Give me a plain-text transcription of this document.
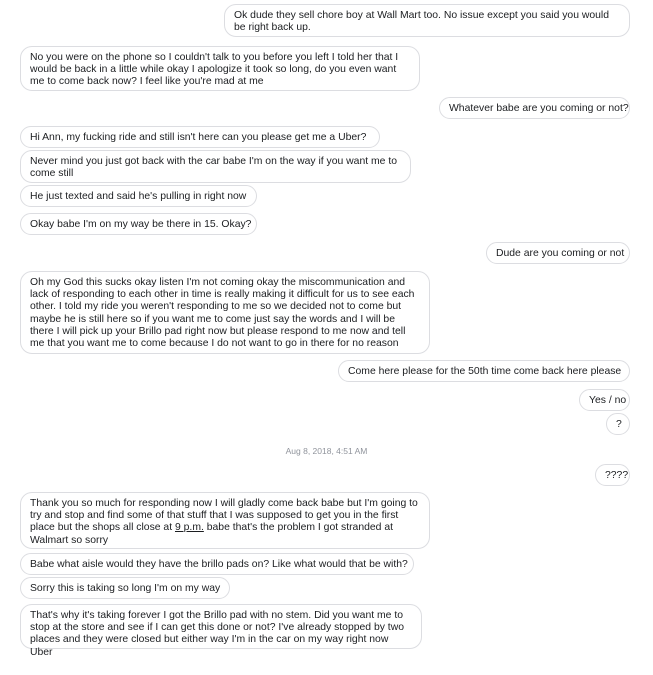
Ok dude they sell chore boy at Wall Mart too. No issue except you said you would be right back up.
No you were on the phone so I couldn't talk to you before you left I told her that I would be back in a little while okay I apologize it took so long, do you even want me to come back now? I feel like you're mad at me
Whatever babe are you coming or not?
Hi Ann, my fucking ride and still isn't here can you please get me a Uber?
Never mind you just got back with the car babe I'm on the way if you want me to come still
He just texted and said he's pulling in right now
Okay babe I'm on my way be there in 15. Okay?
Dude are you coming or not
Oh my God this sucks okay listen I'm not coming okay the miscommunication and lack of responding to each other in time is really making it difficult for us to see each other. I told my ride you weren't responding to me so we decided not to come but maybe he is still here so if you want me to come just say the words and I will be there I will pick up your Brillo pad right now but please respond to me now and tell me that you want me to come because I do not want to go in there for no reason
Come here please for the 50th time come back here please
Yes / no
?
Aug 8, 2018, 4:51 AM
????
Thank you so much for responding now I will gladly come back babe but I'm going to try and stop and find some of that stuff that I was supposed to get you in the first place but the shops all close at 9 p.m. babe that's the problem I got stranded at Walmart so sorry
Babe what aisle would they have the brillo pads on? Like what would that be with?
Sorry this is taking so long I'm on my way
That's why it's taking forever I got the Brillo pad with no stem. Did you want me to stop at the store and see if I can get this done or not? I've already stopped by two places and they were closed but either way I'm in the car on my way right now Uber
